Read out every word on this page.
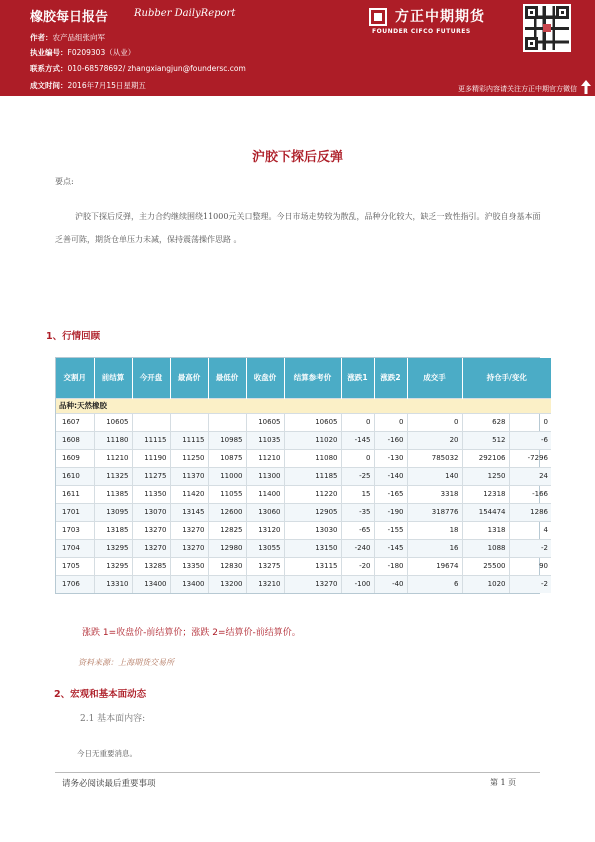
橡胶每日报告	Rubber DailyReport
作者：农产品组张向军
执业编号：F0209303（从业）
联系方式：010-68578692/ zhangxiangjun@foundersc.com
成文时间：2016年7月15日星期五
方正中期期货
FOUNDER CIFCO FUTURES
更多精彩内容请关注方正中期官方微信
沪胶下探后反弹
要点:
沪胶下探后反弹，主力合约继续围绕11000元关口整理。今日市场走势较为散乱，品种分化较大，缺乏一致性指引。沪胶自身基本面乏善可陈，期货仓单压力未减，保持震荡操作思路 。
1、行情回顾
交割月	前结算	今开盘	最高价	最低价	收盘价	结算参考价	涨跌1	涨跌2	成交手	持仓手/变化	
品种:天然橡胶											
1607	10605				10605	10605	0	0	0	628	0
1608	11180	11115	11115	10985	11035	11020	-145	-160	20	512	-6
1609	11210	11190	11250	10875	11210	11080	0	-130	785032	292106	-7296
1610	11325	11275	11370	11000	11300	11185	-25	-140	140	1250	24
1611	11385	11350	11420	11055	11400	11220	15	-165	3318	12318	-166
1701	13095	13070	13145	12600	13060	12905	-35	-190	318776	154474	1286
1703	13185	13270	13270	12825	13120	13030	-65	-155	18	1318	4
1704	13295	13270	13270	12980	13055	13150	-240	-145	16	1088	-2
1705	13295	13285	13350	12830	13275	13115	-20	-180	19674	25500	90
1706	13310	13400	13400	13200	13210	13270	-100	-40	6	1020	-2
涨跌 1=收盘价-前结算价；涨跌 2=结算价-前结算价。
资料来源：上海期货交易所
2、宏观和基本面动态
2.1 基本面内容:
今日无重要消息。
请务必阅读最后重要事项	第 1 页
